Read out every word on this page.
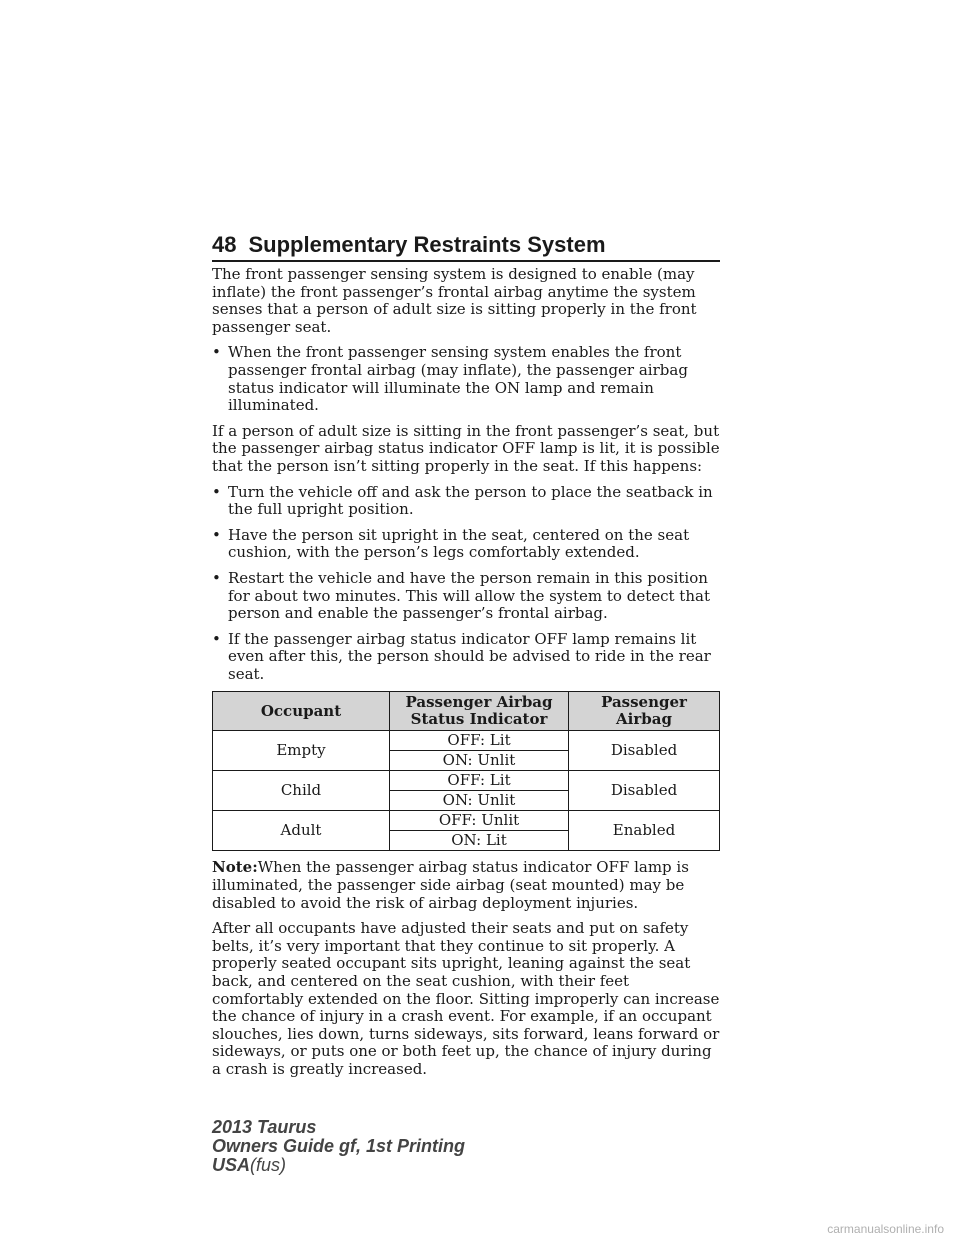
48 Supplementary Restraints System

The front passenger sensing system is designed to enable (may inflate) the front passenger’s frontal airbag anytime the system senses that a person of adult size is sitting properly in the front passenger seat.

• When the front passenger sensing system enables the front passenger frontal airbag (may inflate), the passenger airbag status indicator will illuminate the ON lamp and remain illuminated.

If a person of adult size is sitting in the front passenger’s seat, but the passenger airbag status indicator OFF lamp is lit, it is possible that the person isn’t sitting properly in the seat. If this happens:

• Turn the vehicle off and ask the person to place the seatback in the full upright position.
• Have the person sit upright in the seat, centered on the seat cushion, with the person’s legs comfortably extended.
• Restart the vehicle and have the person remain in this position for about two minutes. This will allow the system to detect that person and enable the passenger’s frontal airbag.
• If the passenger airbag status indicator OFF lamp remains lit even after this, the person should be advised to ride in the rear seat.
Occupant	Passenger Airbag Status Indicator	Passenger Airbag
Empty	OFF: Lit	Disabled
	ON: Unlit	
Child	OFF: Lit	Disabled
	ON: Unlit	
Adult	OFF: Unlit	Enabled
	ON: Lit	

Note:When the passenger airbag status indicator OFF lamp is illuminated, the passenger side airbag (seat mounted) may be disabled to avoid the risk of airbag deployment injuries.

After all occupants have adjusted their seats and put on safety belts, it’s very important that they continue to sit properly. A properly seated occupant sits upright, leaning against the seat back, and centered on the seat cushion, with their feet comfortably extended on the floor. Sitting improperly can increase the chance of injury in a crash event. For example, if an occupant slouches, lies down, turns sideways, sits forward, leans forward or sideways, or puts one or both feet up, the chance of injury during a crash is greatly increased.

2013 Taurus
Owners Guide gf, 1st Printing
USA(fus)
carmanualsonline.info
